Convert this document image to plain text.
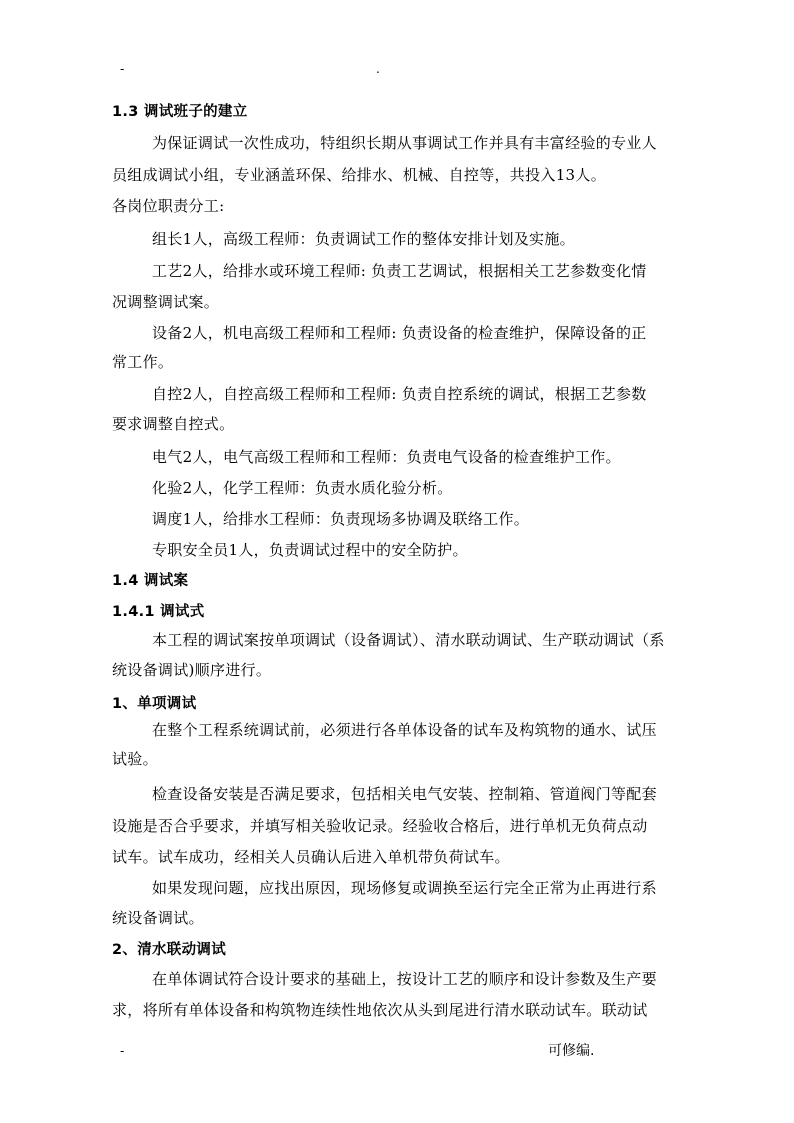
-	.
1.3 调试班子的建立
为保证调试一次性成功，特组织长期从事调试工作并具有丰富经验的专业人
员组成调试小组，专业涵盖环保、给排水、机械、自控等，共投入13人。
各岗位职责分工:
组长1人，高级工程师：负责调试工作的整体安排计划及实施。
工艺2人，给排水或环境工程师: 负责工艺调试，根据相关工艺参数变化情
况调整调试案。
设备2人，机电高级工程师和工程师: 负责设备的检查维护，保障设备的正
常工作。
自控2人，自控高级工程师和工程师: 负责自控系统的调试，根据工艺参数
要求调整自控式。
电气2人，电气高级工程师和工程师：负责电气设备的检查维护工作。
化验2人，化学工程师：负责水质化验分析。
调度1人，给排水工程师：负责现场多协调及联络工作。
专职安全员1人，负责调试过程中的安全防护。
1.4 调试案
1.4.1 调试式
本工程的调试案按单项调试（设备调试）、清水联动调试、生产联动调试（系
统设备调试)顺序进行。
1、单项调试
在整个工程系统调试前，必须进行各单体设备的试车及构筑物的通水、试压
试验。
检查设备安装是否满足要求，包括相关电气安装、控制箱、管道阀门等配套
设施是否合乎要求，并填写相关验收记录。经验收合格后，进行单机无负荷点动
试车。试车成功，经相关人员确认后进入单机带负荷试车。
如果发现问题，应找出原因，现场修复或调换至运行完全正常为止再进行系
统设备调试。
2、清水联动调试
在单体调试符合设计要求的基础上，按设计工艺的顺序和设计参数及生产要
求，将所有单体设备和构筑物连续性地依次从头到尾进行清水联动试车。联动试
-	可修编.
